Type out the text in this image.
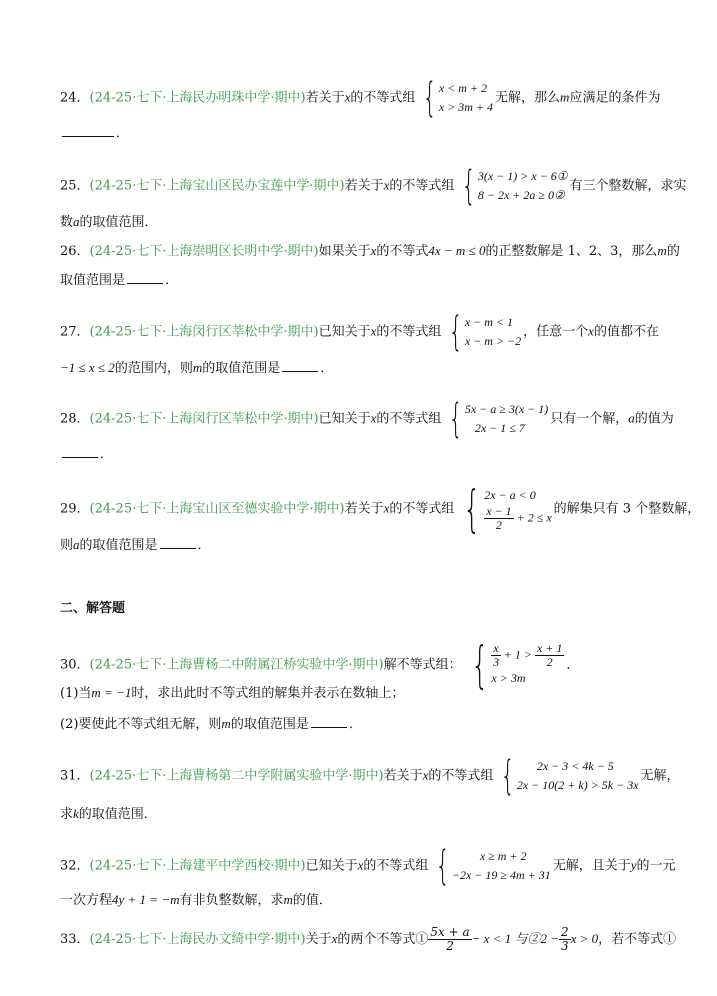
24．(24-25·七下·上海民办明珠中学·期中)若关于x的不等式组 { x < m + 2
x > 3m + 4
无解，那么m应满足的条件为
．
25．(24-25·七下·上海宝山区民办宝莲中学·期中)若关于x的不等式组 { 3(x − 1) > x − 6①
8 − 2x + 2a ≥ 0②
有三个整数解，求实
数a的取值范围．
26．(24-25·七下·上海崇明区长明中学·期中)如果关于x的不等式4x − m ≤ 0的正整数解是 1、2、3，那么m的
取值范围是	．
27．(24-25·七下·上海闵行区莘松中学·期中)已知关于x的不等式组 { x − m < 1
x − m > −2
，任意一个x的值都不在
−1 ≤ x ≤ 2的范围内，则m的取值范围是	．
28．(24-25·七下·上海闵行区莘松中学·期中)已知关于x的不等式组 { 5x − a ≥ 3(x − 1)
2x − 1 ≤ 7
只有一个解，a的值为
．
29．(24-25·七下·上海宝山区至德实验中学·期中)若关于x的不等式组 { 2x − a < 0
$\frac{x - 1}{2} + 2 \le x$
的解集只有 3 个整数解，
则a的取值范围是	．
二、解答题
30．(24-25·七下·上海曹杨二中附属江桥实验中学·期中)解不等式组： { $\frac{x}{3} + 1 > \frac{x + 1}{2}$
x > 3m
．
(1)当m = −1时，求出此时不等式组的解集并表示在数轴上；
(2)要使此不等式组无解，则m的取值范围是	．
31．(24-25·七下·上海曹杨第二中学附属实验中学·期中)若关于x的不等式组 {	2x − 3 < 4k − 5
2x − 10(2 + k) > 5k − 3x
无解，
求k的取值范围．
32．(24-25·七下·上海建平中学西校·期中)已知关于x的不等式组 {	x ≥ m + 2
−2x − 19 ≥ 4m + 31
无解，且关于y的一元
一次方程4y + 1 = −m有非负整数解，求m的值．
33．(24-25·七下·上海民办文绮中学·期中)关于x的两个不等式① $\frac{5x + a}{2} - x < 1$ 与②2 − $\frac{2}{3}$ x > 0，若不等式①
